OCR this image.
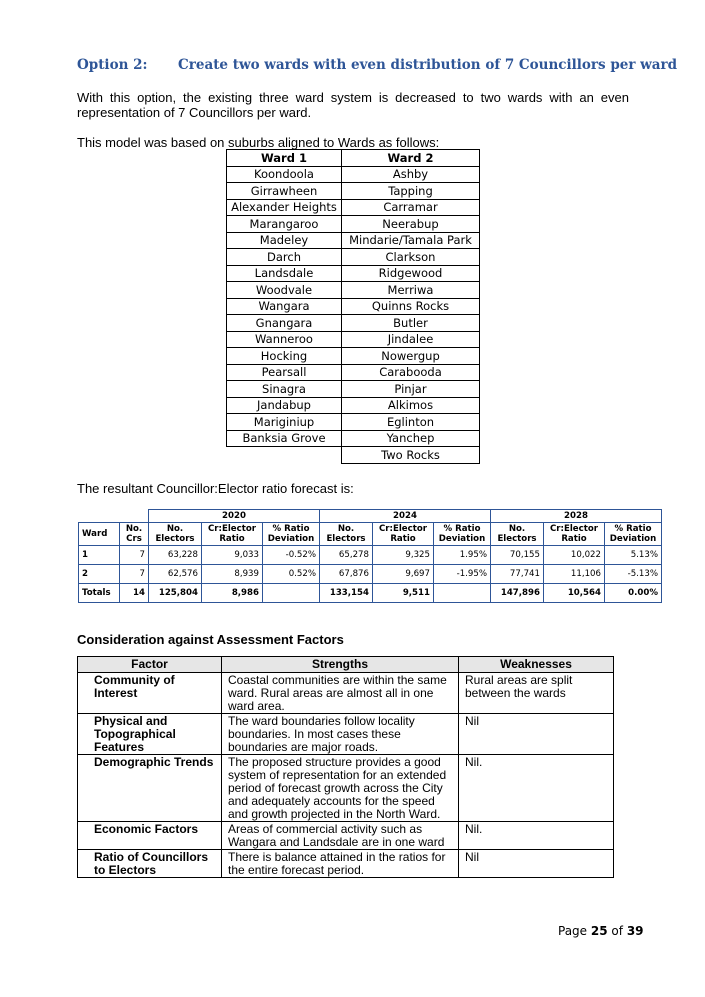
Option 2: Create two wards with even distribution of 7 Councillors per ward
With this option, the existing three ward system is decreased to two wards with an even representation of 7 Councillors per ward.
This model was based on suburbs aligned to Wards as follows:
Ward 1	Ward 2
Koondoola	Ashby
Girrawheen	Tapping
Alexander Heights	Carramar
Marangaroo	Neerabup
Madeley	Mindarie/Tamala Park
Darch	Clarkson
Landsdale	Ridgewood
Woodvale	Merriwa
Wangara	Quinns Rocks
Gnangara	Butler
Wanneroo	Jindalee
Hocking	Nowergup
Pearsall	Carabooda
Sinagra	Pinjar
Jandabup	Alkimos
Mariginiup	Eglinton
Banksia Grove	Yanchep
	Two Rocks
The resultant Councillor:Elector ratio forecast is:
		2020			2024			2028		
Ward	No. Crs	No. Electors	Cr:Elector Ratio	% Ratio Deviation	No. Electors	Cr:Elector Ratio	% Ratio Deviation	No. Electors	Cr:Elector Ratio	% Ratio Deviation
1	7	63,228	9,033	-0.52%	65,278	9,325	1.95%	70,155	10,022	5.13%
2	7	62,576	8,939	0.52%	67,876	9,697	-1.95%	77,741	11,106	-5.13%
Totals	14	125,804	8,986		133,154	9,511		147,896	10,564	0.00%
Consideration against Assessment Factors
Factor	Strengths	Weaknesses
Community of Interest	Coastal communities are within the same ward. Rural areas are almost all in one ward area.	Rural areas are split between the wards
Physical and Topographical Features	The ward boundaries follow locality boundaries. In most cases these boundaries are major roads.	Nil
Demographic Trends	The proposed structure provides a good system of representation for an extended period of forecast growth across the City and adequately accounts for the speed and growth projected in the North Ward.	Nil.
Economic Factors	Areas of commercial activity such as Wangara and Landsdale are in one ward	Nil.
Ratio of Councillors to Electors	There is balance attained in the ratios for the entire forecast period.	Nil
Page 25 of 39
